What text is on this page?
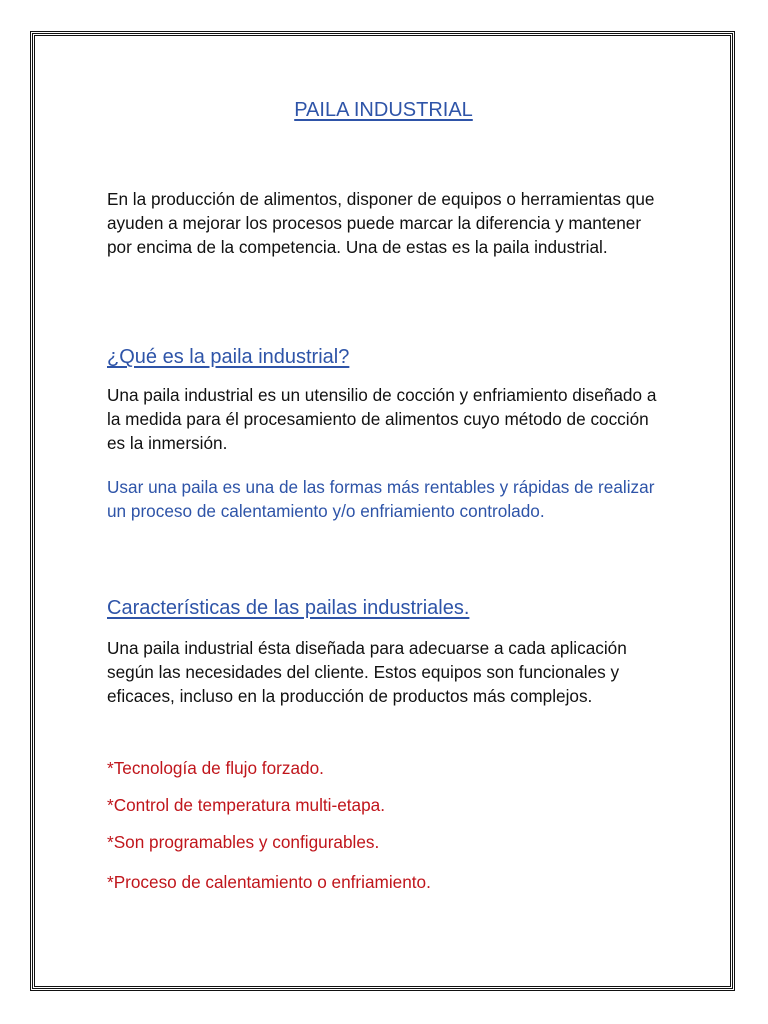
PAILA INDUSTRIAL

En la producción de alimentos, disponer de equipos o herramientas que ayuden a mejorar los procesos puede marcar la diferencia y mantener por encima de la competencia. Una de estas es la paila industrial.

¿Qué es la paila industrial?

Una paila industrial es un utensilio de cocción y enfriamiento diseñado a la medida para él procesamiento de alimentos cuyo método de cocción es la inmersión.

Usar una paila es una de las formas más rentables y rápidas de realizar un proceso de calentamiento y/o enfriamiento controlado.

Características de las pailas industriales.

Una paila industrial ésta diseñada para adecuarse a cada aplicación según las necesidades del cliente. Estos equipos son funcionales y eficaces, incluso en la producción de productos más complejos.

*Tecnología de flujo forzado.

*Control de temperatura multi-etapa.

*Son programables y configurables.

*Proceso de calentamiento o enfriamiento.
